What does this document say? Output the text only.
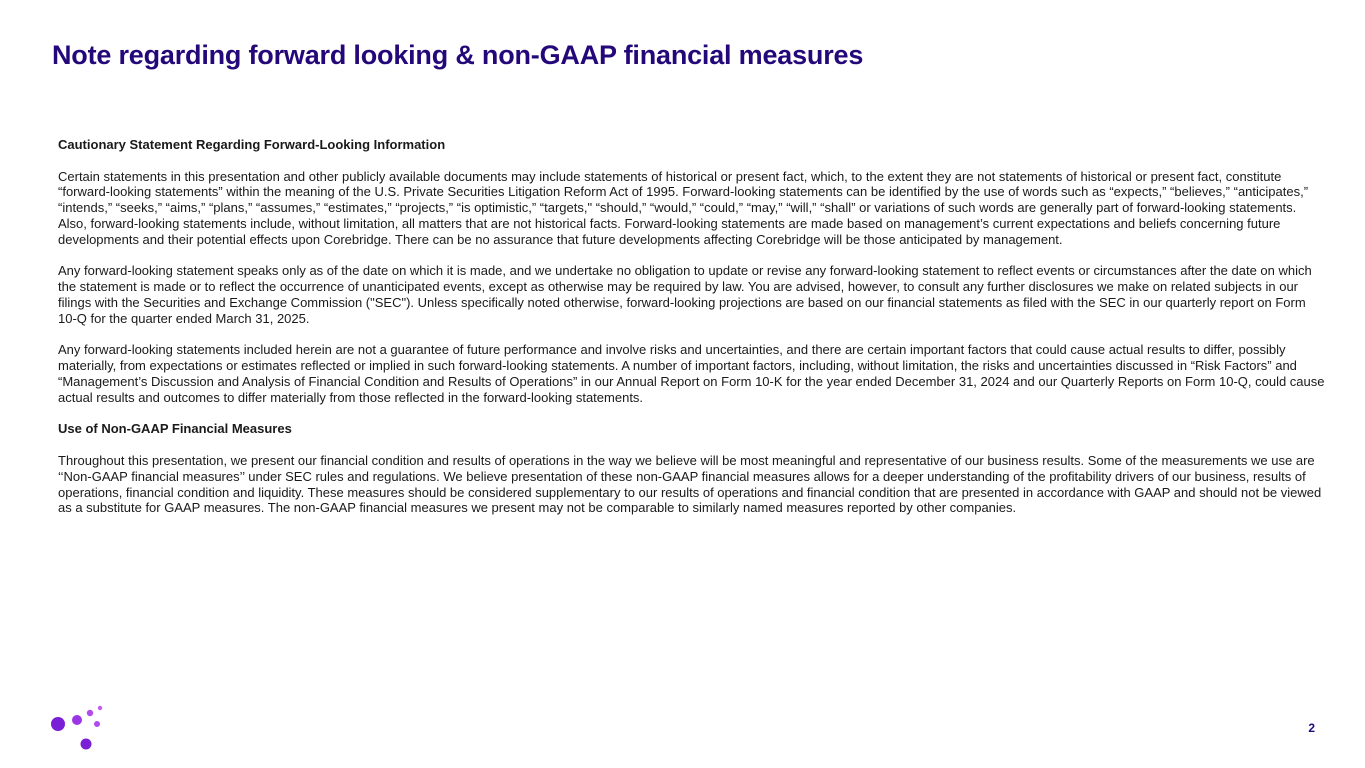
Note regarding forward looking & non-GAAP financial measures

Cautionary Statement Regarding Forward-Looking Information

Certain statements in this presentation and other publicly available documents may include statements of historical or present fact, which, to the extent they are not statements of historical or present fact, constitute “forward-looking statements” within the meaning of the U.S. Private Securities Litigation Reform Act of 1995. Forward-looking statements can be identified by the use of words such as “expects,” “believes,” “anticipates,” “intends,” “seeks,” “aims,” “plans,” “assumes,” “estimates,” “projects,” “is optimistic,” “targets," “should,” “would,” “could,” “may,” “will,” “shall” or variations of such words are generally part of forward-looking statements. Also, forward-looking statements include, without limitation, all matters that are not historical facts. Forward-looking statements are made based on management’s current expectations and beliefs concerning future developments and their potential effects upon Corebridge. There can be no assurance that future developments affecting Corebridge will be those anticipated by management.

Any forward-looking statement speaks only as of the date on which it is made, and we undertake no obligation to update or revise any forward-looking statement to reflect events or circumstances after the date on which the statement is made or to reflect the occurrence of unanticipated events, except as otherwise may be required by law. You are advised, however, to consult any further disclosures we make on related subjects in our filings with the Securities and Exchange Commission ("SEC"). Unless specifically noted otherwise, forward-looking projections are based on our financial statements as filed with the SEC in our quarterly report on Form 10-Q for the quarter ended March 31, 2025.

Any forward-looking statements included herein are not a guarantee of future performance and involve risks and uncertainties, and there are certain important factors that could cause actual results to differ, possibly materially, from expectations or estimates reflected or implied in such forward-looking statements. A number of important factors, including, without limitation, the risks and uncertainties discussed in “Risk Factors” and “Management’s Discussion and Analysis of Financial Condition and Results of Operations” in our Annual Report on Form 10-K for the year ended December 31, 2024 and our Quarterly Reports on Form 10-Q, could cause actual results and outcomes to differ materially from those reflected in the forward-looking statements.

Use of Non-GAAP Financial Measures

Throughout this presentation, we present our financial condition and results of operations in the way we believe will be most meaningful and representative of our business results. Some of the measurements we use are ‘‘Non-GAAP financial measures’’ under SEC rules and regulations. We believe presentation of these non-GAAP financial measures allows for a deeper understanding of the profitability drivers of our business, results of operations, financial condition and liquidity. These measures should be considered supplementary to our results of operations and financial condition that are presented in accordance with GAAP and should not be viewed as a substitute for GAAP measures. The non-GAAP financial measures we present may not be comparable to similarly named measures reported by other companies.

2
